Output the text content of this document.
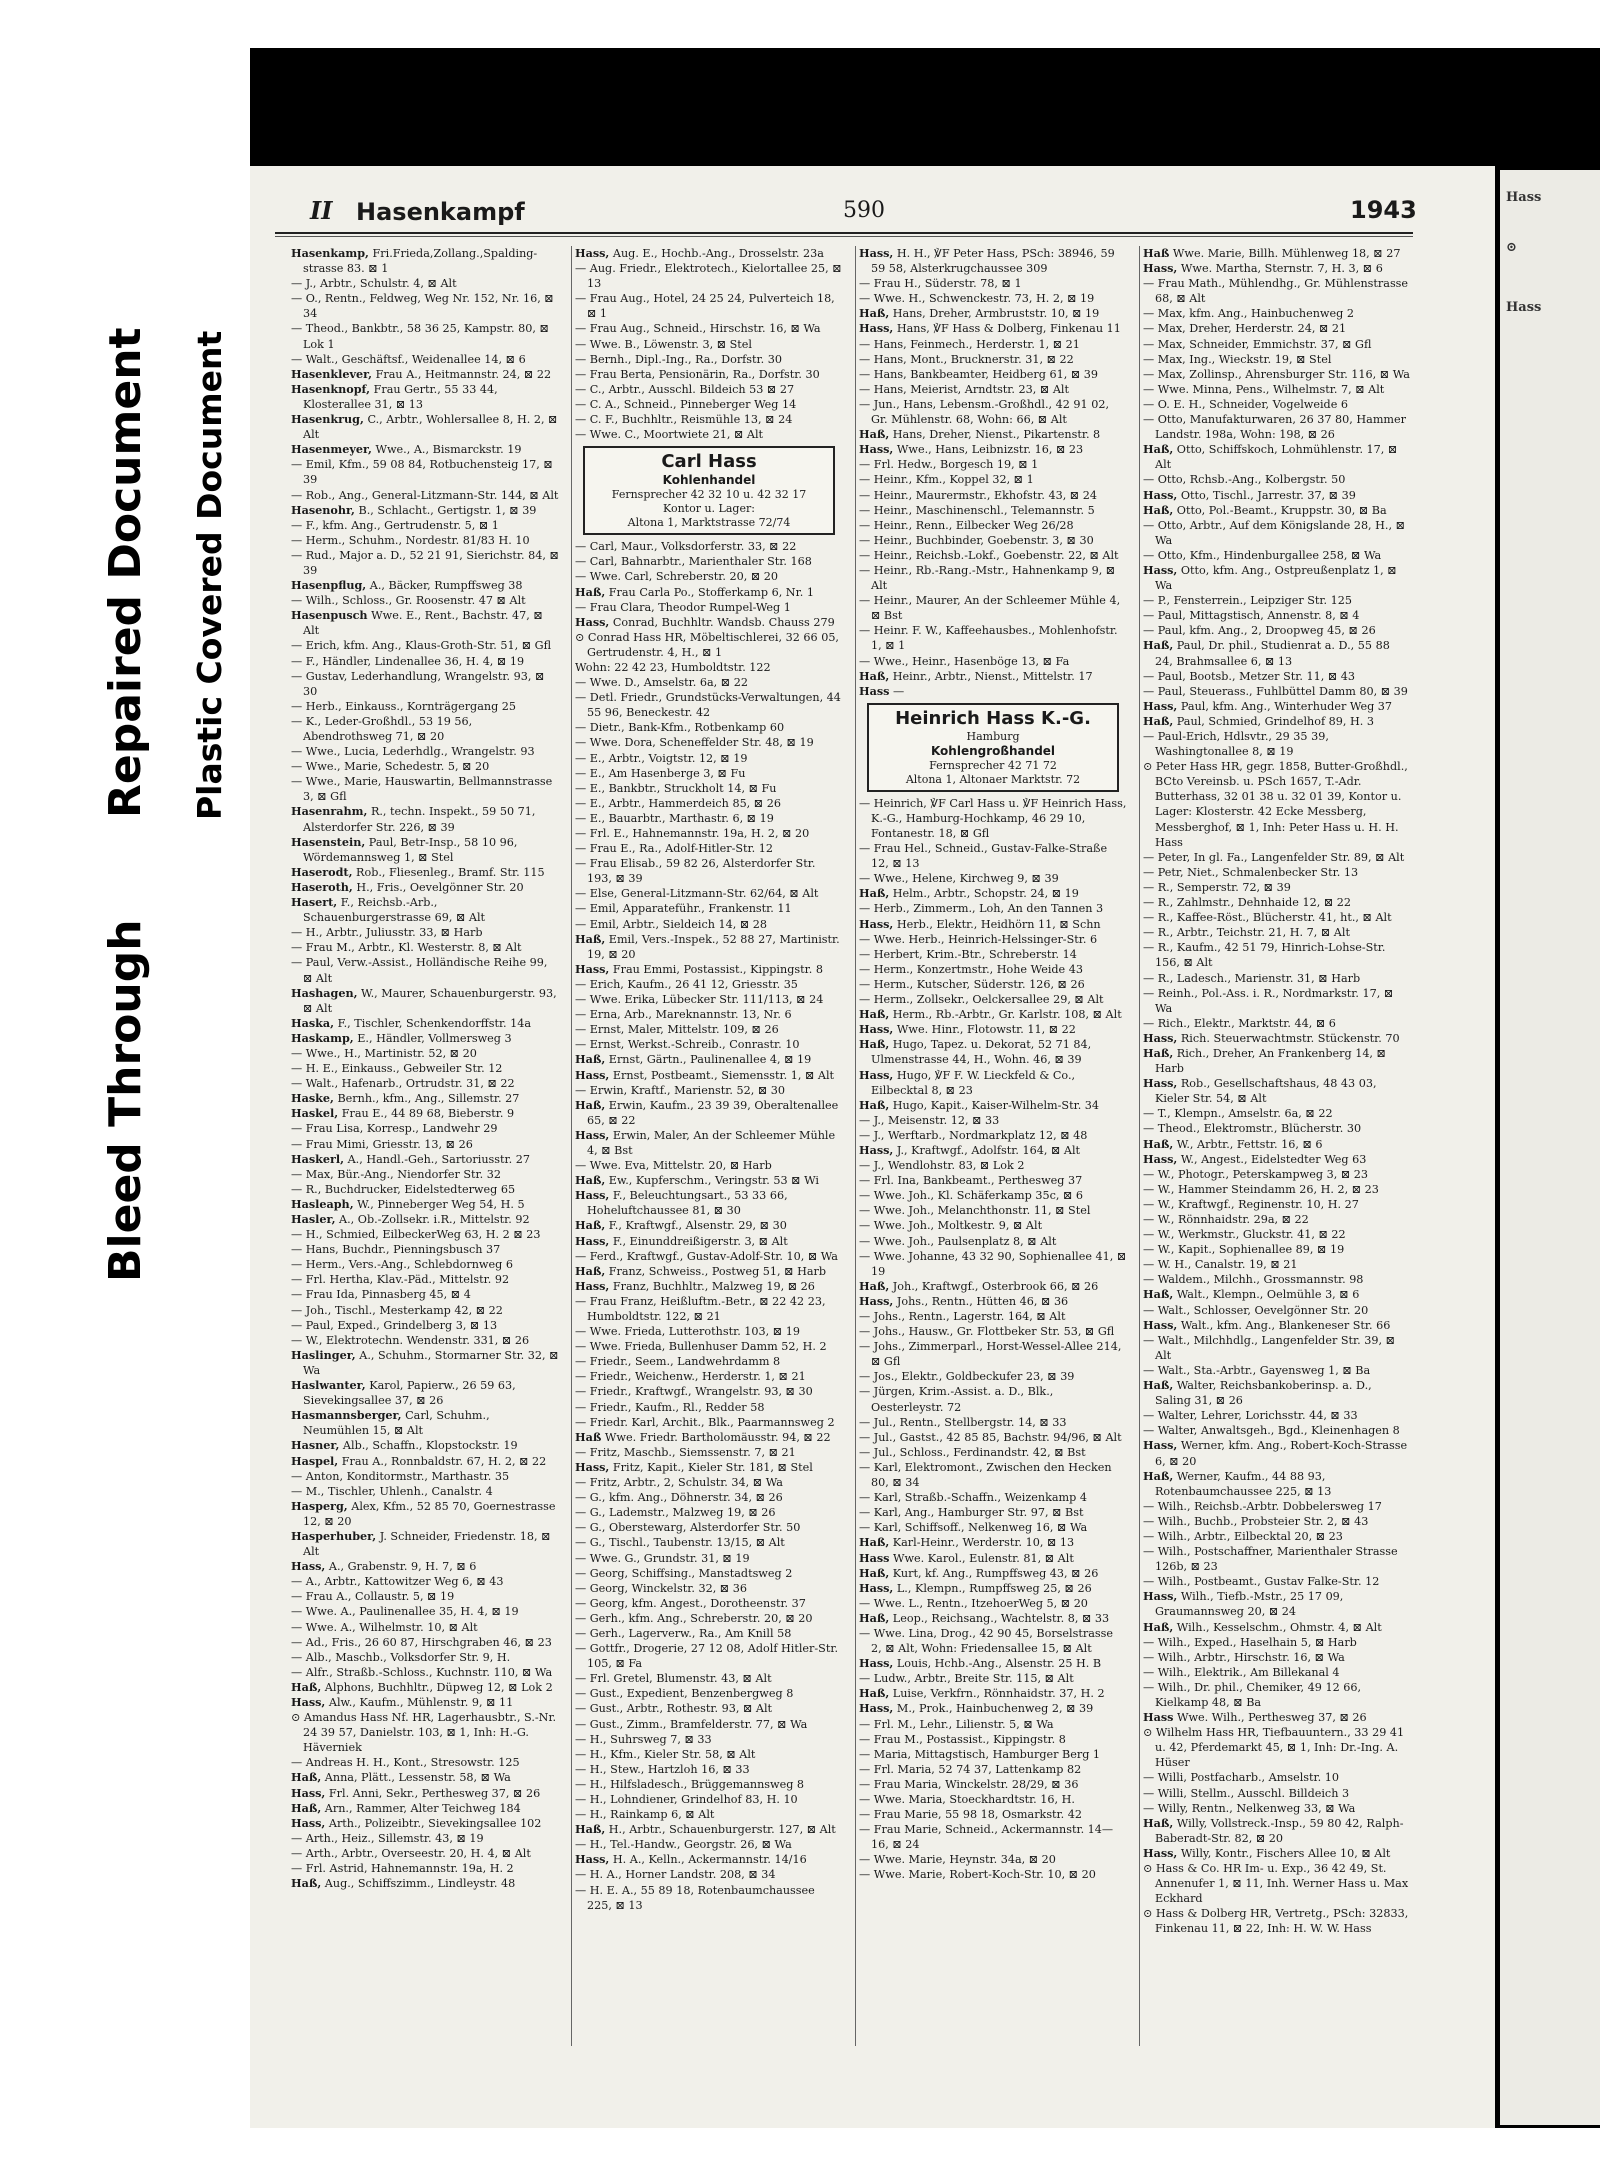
Hass
⊙
Hass
Bleed Through
Repaired Document Plastic Covered Document
II Hasenkampf	590	1943

Hasenkamp, Fri.Frieda,Zollang.,Spalding-strasse 83. ⊠ 1

— J., Arbtr., Schulstr. 4, ⊠ Alt

— O., Rentn., Feldweg, Weg Nr. 152, Nr. 16, ⊠ 34

— Theod., Bankbtr., 58 36 25, Kampstr. 80, ⊠ Lok 1

— Walt., Geschäftsf., Weidenallee 14, ⊠ 6

Hasenklever, Frau A., Heitmannstr. 24, ⊠ 22

Hasenknopf, Frau Gertr., 55 33 44, Klosterallee 31, ⊠ 13

Hasenkrug, C., Arbtr., Wohlersallee 8, H. 2, ⊠ Alt

Hasenmeyer, Wwe., A., Bismarckstr. 19

— Emil, Kfm., 59 08 84, Rotbuchensteig 17, ⊠ 39

— Rob., Ang., General-Litzmann-Str. 144, ⊠ Alt

Hasenohr, B., Schlacht., Gertigstr. 1, ⊠ 39

— F., kfm. Ang., Gertrudenstr. 5, ⊠ 1

— Herm., Schuhm., Nordestr. 81/83 H. 10

— Rud., Major a. D., 52 21 91, Sierichstr. 84, ⊠ 39

Hasenpflug, A., Bäcker, Rumpffsweg 38

— Wilh., Schloss., Gr. Roosenstr. 47 ⊠ Alt

Hasenpusch Wwe. E., Rent., Bachstr. 47, ⊠ Alt

— Erich, kfm. Ang., Klaus-Groth-Str. 51, ⊠ Gfl

— F., Händler, Lindenallee 36, H. 4, ⊠ 19

— Gustav, Lederhandlung, Wrangelstr. 93, ⊠ 30

— Herb., Einkauss., Kornträgergang 25

— K., Leder-Großhdl., 53 19 56, Abendrothsweg 71, ⊠ 20

— Wwe., Lucia, Lederhdlg., Wrangelstr. 93

— Wwe., Marie, Schedestr. 5, ⊠ 20

— Wwe., Marie, Hauswartin, Bellmannstrasse 3, ⊠ Gfl

Hasenrahm, R., techn. Inspekt., 59 50 71, Alsterdorfer Str. 226, ⊠ 39

Hasenstein, Paul, Betr-Insp., 58 10 96, Wördemannsweg 1, ⊠ Stel

Haserodt, Rob., Fliesenleg., Bramf. Str. 115

Haseroth, H., Fris., Oevelgönner Str. 20

Hasert, F., Reichsb.-Arb., Schauenburgerstrasse 69, ⊠ Alt

— H., Arbtr., Juliusstr. 33, ⊠ Harb

— Frau M., Arbtr., Kl. Westerstr. 8, ⊠ Alt

— Paul, Verw.-Assist., Holländische Reihe 99, ⊠ Alt

Hashagen, W., Maurer, Schauenburgerstr. 93, ⊠ Alt

Haska, F., Tischler, Schenkendorffstr. 14a

Haskamp, E., Händler, Vollmersweg 3

— Wwe., H., Martinistr. 52, ⊠ 20

— H. E., Einkauss., Gebweiler Str. 12

— Walt., Hafenarb., Ortrudstr. 31, ⊠ 22

Haske, Bernh., kfm., Ang., Sillemstr. 27

Haskel, Frau E., 44 89 68, Bieberstr. 9

— Frau Lisa, Korresp., Landwehr 29

— Frau Mimi, Griesstr. 13, ⊠ 26

Haskerl, A., Handl.-Geh., Sartoriusstr. 27

— Max, Bür.-Ang., Niendorfer Str. 32

— R., Buchdrucker, Eidelstedterweg 65

Hasleaph, W., Pinneberger Weg 54, H. 5

Hasler, A., Ob.-Zollsekr. i.R., Mittelstr. 92

— H., Schmied, EilbeckerWeg 63, H. 2 ⊠ 23

— Hans, Buchdr., Pienningsbusch 37

— Herm., Vers.-Ang., Schlebdornweg 6

— Frl. Hertha, Klav.-Päd., Mittelstr. 92

— Frau Ida, Pinnasberg 45, ⊠ 4

— Joh., Tischl., Mesterkamp 42, ⊠ 22

— Paul, Exped., Grindelberg 3, ⊠ 13

— W., Elektrotechn. Wendenstr. 331, ⊠ 26

Haslinger, A., Schuhm., Stormarner Str. 32, ⊠ Wa

Haslwanter, Karol, Papierw., 26 59 63, Sievekingsallee 37, ⊠ 26

Hasmannsberger, Carl, Schuhm., Neumühlen 15, ⊠ Alt

Hasner, Alb., Schaffn., Klopstockstr. 19

Haspel, Frau A., Ronnbaldstr. 67, H. 2, ⊠ 22

— Anton, Konditormstr., Marthastr. 35

— M., Tischler, Uhlenh., Canalstr. 4

Hasperg, Alex, Kfm., 52 85 70, Goernestrasse 12, ⊠ 20

Hasperhuber, J. Schneider, Friedenstr. 18, ⊠ Alt

Hass, A., Grabenstr. 9, H. 7, ⊠ 6

— A., Arbtr., Kattowitzer Weg 6, ⊠ 43

— Frau A., Collaustr. 5, ⊠ 19

— Wwe. A., Paulinenallee 35, H. 4, ⊠ 19

— Wwe. A., Wilhelmstr. 10, ⊠ Alt

— Ad., Fris., 26 60 87, Hirschgraben 46, ⊠ 23

— Alb., Maschb., Volksdorfer Str. 9, H.

— Alfr., Straßb.-Schloss., Kuchnstr. 110, ⊠ Wa

Haß, Alphons, Buchhltr., Düpweg 12, ⊠ Lok 2

Hass, Alw., Kaufm., Mühlenstr. 9, ⊠ 11

⊙ Amandus Hass Nf. HR, Lagerhausbtr., S.-Nr. 24 39 57, Danielstr. 103, ⊠ 1, Inh: H.-G. Häverniek

— Andreas H. H., Kont., Stresowstr. 125

Haß, Anna, Plätt., Lessenstr. 58, ⊠ Wa

Hass, Frl. Anni, Sekr., Perthesweg 37, ⊠ 26

Haß, Arn., Rammer, Alter Teichweg 184

Hass, Arth., Polizeibtr., Sievekingsallee 102

— Arth., Heiz., Sillemstr. 43, ⊠ 19

— Arth., Arbtr., Overseestr. 20, H. 4, ⊠ Alt

— Frl. Astrid, Hahnemannstr. 19a, H. 2

Haß, Aug., Schiffszimm., Lindleystr. 48

Hass, Aug. E., Hochb.-Ang., Drosselstr. 23a

— Aug. Friedr., Elektrotech., Kielortallee 25, ⊠ 13

— Frau Aug., Hotel, 24 25 24, Pulverteich 18, ⊠ 1

— Frau Aug., Schneid., Hirschstr. 16, ⊠ Wa

— Wwe. B., Löwenstr. 3, ⊠ Stel

— Bernh., Dipl.-Ing., Ra., Dorfstr. 30

— Frau Berta, Pensionärin, Ra., Dorfstr. 30

— C., Arbtr., Ausschl. Bildeich 53 ⊠ 27

— C. A., Schneid., Pinneberger Weg 14

— C. F., Buchhltr., Reismühle 13, ⊠ 24

— Wwe. C., Moortwiete 21, ⊠ Alt

Carl Hass
Kohlenhandel
Fernsprecher 42 32 10 u. 42 32 17
Kontor u. Lager:
Altona 1, Marktstrasse 72/74

— Carl, Maur., Volksdorferstr. 33, ⊠ 22

— Carl, Bahnarbtr., Marienthaler Str. 168

— Wwe. Carl, Schreberstr. 20, ⊠ 20

Haß, Frau Carla Po., Stofferkamp 6, Nr. 1

— Frau Clara, Theodor Rumpel-Weg 1

Hass, Conrad, Buchhltr. Wandsb. Chauss 279

⊙ Conrad Hass HR, Möbeltischlerei, 32 66 05, Gertrudenstr. 4, H., ⊠ 1

Wohn: 22 42 23, Humboldtstr. 122

— Wwe. D., Amselstr. 6a, ⊠ 22

— Detl. Friedr., Grundstücks-Verwaltungen, 44 55 96, Beneckestr. 42

— Dietr., Bank-Kfm., Rotbenkamp 60

— Wwe. Dora, Scheneffelder Str. 48, ⊠ 19

— E., Arbtr., Voigtstr. 12, ⊠ 19

— E., Am Hasenberge 3, ⊠ Fu

— E., Bankbtr., Struckholt 14, ⊠ Fu

— E., Arbtr., Hammerdeich 85, ⊠ 26

— E., Bauarbtr., Marthastr. 6, ⊠ 19

— Frl. E., Hahnemannstr. 19a, H. 2, ⊠ 20

— Frau E., Ra., Adolf-Hitler-Str. 12

— Frau Elisab., 59 82 26, Alsterdorfer Str. 193, ⊠ 39

— Else, General-Litzmann-Str. 62/64, ⊠ Alt

— Emil, Apparateführ., Frankenstr. 11

— Emil, Arbtr., Sieldeich 14, ⊠ 28

Haß, Emil, Vers.-Inspek., 52 88 27, Martinistr. 19, ⊠ 20

Hass, Frau Emmi, Postassist., Kippingstr. 8

— Erich, Kaufm., 26 41 12, Griesstr. 35

— Wwe. Erika, Lübecker Str. 111/113, ⊠ 24

— Erna, Arb., Mareknannstr. 13, Nr. 6

— Ernst, Maler, Mittelstr. 109, ⊠ 26

— Ernst, Werkst.-Schreib., Conrastr. 10

Haß, Ernst, Gärtn., Paulinenallee 4, ⊠ 19

Hass, Ernst, Postbeamt., Siemensstr. 1, ⊠ Alt

— Erwin, Kraftf., Marienstr. 52, ⊠ 30

Haß, Erwin, Kaufm., 23 39 39, Oberaltenallee 65, ⊠ 22

Hass, Erwin, Maler, An der Schleemer Mühle 4, ⊠ Bst

— Wwe. Eva, Mittelstr. 20, ⊠ Harb

Haß, Ew., Kupferschm., Veringstr. 53 ⊠ Wi

Hass, F., Beleuchtungsart., 53 33 66, Hoheluftchaussee 81, ⊠ 30

Haß, F., Kraftwgf., Alsenstr. 29, ⊠ 30

Hass, F., Einunddreißigerstr. 3, ⊠ Alt

— Ferd., Kraftwgf., Gustav-Adolf-Str. 10, ⊠ Wa

Haß, Franz, Schweiss., Postweg 51, ⊠ Harb

Hass, Franz, Buchhltr., Malzweg 19, ⊠ 26

— Frau Franz, Heißluftm.-Betr., ⊠ 22 42 23, Humboldtstr. 122, ⊠ 21

— Wwe. Frieda, Lutterothstr. 103, ⊠ 19

— Wwe. Frieda, Bullenhuser Damm 52, H. 2

— Friedr., Seem., Landwehrdamm 8

— Friedr., Weichenw., Herderstr. 1, ⊠ 21

— Friedr., Kraftwgf., Wrangelstr. 93, ⊠ 30

— Friedr., Kaufm., Rl., Redder 58

— Friedr. Karl, Archit., Blk., Paarmannsweg 2

Haß Wwe. Friedr. Bartholomäusstr. 94, ⊠ 22

— Fritz, Maschb., Siemssenstr. 7, ⊠ 21

Hass, Fritz, Kapit., Kieler Str. 181, ⊠ Stel

— Fritz, Arbtr., 2, Schulstr. 34, ⊠ Wa

— G., kfm. Ang., Döhnerstr. 34, ⊠ 26

— G., Lademstr., Malzweg 19, ⊠ 26

— G., Oberstewarg, Alsterdorfer Str. 50

— G., Tischl., Taubenstr. 13/15, ⊠ Alt

— Wwe. G., Grundstr. 31, ⊠ 19

— Georg, Schiffsing., Manstadtsweg 2

— Georg, Winckelstr. 32, ⊠ 36

— Georg, kfm. Angest., Dorotheenstr. 37

— Gerh., kfm. Ang., Schreberstr. 20, ⊠ 20

— Gerh., Lagerverw., Ra., Am Knill 58

— Gottfr., Drogerie, 27 12 08, Adolf Hitler-Str. 105, ⊠ Fa

— Frl. Gretel, Blumenstr. 43, ⊠ Alt

— Gust., Expedient, Benzenbergweg 8

— Gust., Arbtr., Rothestr. 93, ⊠ Alt

— Gust., Zimm., Bramfelderstr. 77, ⊠ Wa

— H., Suhrsweg 7, ⊠ 33

— H., Kfm., Kieler Str. 58, ⊠ Alt

— H., Stew., Hartzloh 16, ⊠ 33

— H., Hilfsladesch., Brüggemannsweg 8

— H., Lohndiener, Grindelhof 83, H. 10

— H., Rainkamp 6, ⊠ Alt

Haß, H., Arbtr., Schauenburgerstr. 127, ⊠ Alt

— H., Tel.-Handw., Georgstr. 26, ⊠ Wa

Hass, H. A., Kelln., Ackermannstr. 14/16

— H. A., Horner Landstr. 208, ⊠ 34

— H. E. A., 55 89 18, Rotenbaumchaussee 225, ⊠ 13

Hass, H. H., ℣F Peter Hass, PSch: 38946, 59 59 58, Alsterkrugchaussee 309

— Frau H., Süderstr. 78, ⊠ 1

— Wwe. H., Schwenckestr. 73, H. 2, ⊠ 19

Haß, Hans, Dreher, Armbruststr. 10, ⊠ 19

Hass, Hans, ℣F Hass & Dolberg, Finkenau 11

— Hans, Feinmech., Herderstr. 1, ⊠ 21

— Hans, Mont., Brucknerstr. 31, ⊠ 22

— Hans, Bankbeamter, Heidberg 61, ⊠ 39

— Hans, Meierist, Arndtstr. 23, ⊠ Alt

— Jun., Hans, Lebensm.-Großhdl., 42 91 02, Gr. Mühlenstr. 68, Wohn: 66, ⊠ Alt

Haß, Hans, Dreher, Nienst., Pikartenstr. 8

Hass, Wwe., Hans, Leibnizstr. 16, ⊠ 23

— Frl. Hedw., Borgesch 19, ⊠ 1

— Heinr., Kfm., Koppel 32, ⊠ 1

— Heinr., Maurermstr., Ekhofstr. 43, ⊠ 24

— Heinr., Maschinenschl., Telemannstr. 5

— Heinr., Renn., Eilbecker Weg 26/28

— Heinr., Buchbinder, Goebenstr. 3, ⊠ 30

— Heinr., Reichsb.-Lokf., Goebenstr. 22, ⊠ Alt

— Heinr., Rb.-Rang.-Mstr., Hahnenkamp 9, ⊠ Alt

— Heinr., Maurer, An der Schleemer Mühle 4, ⊠ Bst

— Heinr. F. W., Kaffeehausbes., Mohlenhofstr. 1, ⊠ 1

— Wwe., Heinr., Hasenböge 13, ⊠ Fa

Haß, Heinr., Arbtr., Nienst., Mittelstr. 17

Hass —

Heinrich Hass K.-G.
Hamburg
Kohlengroßhandel
Fernsprecher 42 71 72
Altona 1, Altonaer Marktstr. 72

— Heinrich, ℣F Carl Hass u. ℣F Heinrich Hass, K.-G., Hamburg-Hochkamp, 46 29 10, Fontanestr. 18, ⊠ Gfl

— Frau Hel., Schneid., Gustav-Falke-Straße 12, ⊠ 13

— Wwe., Helene, Kirchweg 9, ⊠ 39

Haß, Helm., Arbtr., Schopstr. 24, ⊠ 19

— Herb., Zimmerm., Loh, An den Tannen 3

Hass, Herb., Elektr., Heidhörn 11, ⊠ Schn

— Wwe. Herb., Heinrich-Helssinger-Str. 6

— Herbert, Krim.-Btr., Schreberstr. 14

— Herm., Konzertmstr., Hohe Weide 43

— Herm., Kutscher, Süderstr. 126, ⊠ 26

— Herm., Zollsekr., Oelckersallee 29, ⊠ Alt

Haß, Herm., Rb.-Arbtr., Gr. Karlstr. 108, ⊠ Alt

Hass, Wwe. Hinr., Flotowstr. 11, ⊠ 22

Haß, Hugo, Tapez. u. Dekorat, 52 71 84, Ulmenstrasse 44, H., Wohn. 46, ⊠ 39

Hass, Hugo, ℣F F. W. Lieckfeld & Co., Eilbecktal 8, ⊠ 23

Haß, Hugo, Kapit., Kaiser-Wilhelm-Str. 34

— J., Meisenstr. 12, ⊠ 33

— J., Werftarb., Nordmarkplatz 12, ⊠ 48

Hass, J., Kraftwgf., Adolfstr. 164, ⊠ Alt

— J., Wendlohstr. 83, ⊠ Lok 2

— Frl. Ina, Bankbeamt., Perthesweg 37

— Wwe. Joh., Kl. Schäferkamp 35c, ⊠ 6

— Wwe. Joh., Melanchthonstr. 11, ⊠ Stel

— Wwe. Joh., Moltkestr. 9, ⊠ Alt

— Wwe. Joh., Paulsenplatz 8, ⊠ Alt

— Wwe. Johanne, 43 32 90, Sophienallee 41, ⊠ 19

Haß, Joh., Kraftwgf., Osterbrook 66, ⊠ 26

Hass, Johs., Rentn., Hütten 46, ⊠ 36

— Johs., Rentn., Lagerstr. 164, ⊠ Alt

— Johs., Hausw., Gr. Flottbeker Str. 53, ⊠ Gfl

— Johs., Zimmerparl., Horst-Wessel-Allee 214, ⊠ Gfl

— Jos., Elektr., Goldbeckufer 23, ⊠ 39

— Jürgen, Krim.-Assist. a. D., Blk., Oesterleystr. 72

— Jul., Rentn., Stellbergstr. 14, ⊠ 33

— Jul., Gastst., 42 85 85, Bachstr. 94/96, ⊠ Alt

— Jul., Schloss., Ferdinandstr. 42, ⊠ Bst

— Karl, Elektromont., Zwischen den Hecken 80, ⊠ 34

— Karl, Straßb.-Schaffn., Weizenkamp 4

— Karl, Ang., Hamburger Str. 97, ⊠ Bst

— Karl, Schiffsoff., Nelkenweg 16, ⊠ Wa

Haß, Karl-Heinr., Werderstr. 10, ⊠ 13

Hass Wwe. Karol., Eulenstr. 81, ⊠ Alt

Haß, Kurt, kf. Ang., Rumpffsweg 43, ⊠ 26

Hass, L., Klempn., Rumpffsweg 25, ⊠ 26

— Wwe. L., Rentn., ItzehoerWeg 5, ⊠ 20

Haß, Leop., Reichsang., Wachtelstr. 8, ⊠ 33

— Wwe. Lina, Drog., 42 90 45, Borselstrasse 2, ⊠ Alt, Wohn: Friedensallee 15, ⊠ Alt

Hass, Louis, Hchb.-Ang., Alsenstr. 25 H. B

— Ludw., Arbtr., Breite Str. 115, ⊠ Alt

Haß, Luise, Verkfrn., Rönnhaidstr. 37, H. 2

Hass, M., Prok., Hainbuchenweg 2, ⊠ 39

— Frl. M., Lehr., Lilienstr. 5, ⊠ Wa

— Frau M., Postassist., Kippingstr. 8

— Maria, Mittagstisch, Hamburger Berg 1

— Frl. Maria, 52 74 37, Lattenkamp 82

— Frau Maria, Winckelstr. 28/29, ⊠ 36

— Wwe. Maria, Stoeckhardtstr. 16, H.

— Frau Marie, 55 98 18, Osmarkstr. 42

— Frau Marie, Schneid., Ackermannstr. 14—16, ⊠ 24

— Wwe. Marie, Heynstr. 34a, ⊠ 20

— Wwe. Marie, Robert-Koch-Str. 10, ⊠ 20

Haß Wwe. Marie, Billh. Mühlenweg 18, ⊠ 27

Hass, Wwe. Martha, Sternstr. 7, H. 3, ⊠ 6

— Frau Math., Mühlendhg., Gr. Mühlenstrasse 68, ⊠ Alt

— Max, kfm. Ang., Hainbuchenweg 2

— Max, Dreher, Herderstr. 24, ⊠ 21

— Max, Schneider, Emmichstr. 37, ⊠ Gfl

— Max, Ing., Wieckstr. 19, ⊠ Stel

— Max, Zollinsp., Ahrensburger Str. 116, ⊠ Wa

— Wwe. Minna, Pens., Wilhelmstr. 7, ⊠ Alt

— O. E. H., Schneider, Vogelweide 6

— Otto, Manufakturwaren, 26 37 80, Hammer Landstr. 198a, Wohn: 198, ⊠ 26

Haß, Otto, Schiffskoch, Lohmühlenstr. 17, ⊠ Alt

— Otto, Rchsb.-Ang., Kolbergstr. 50

Hass, Otto, Tischl., Jarrestr. 37, ⊠ 39

Haß, Otto, Pol.-Beamt., Kruppstr. 30, ⊠ Ba

— Otto, Arbtr., Auf dem Königslande 28, H., ⊠ Wa

— Otto, Kfm., Hindenburgallee 258, ⊠ Wa

Hass, Otto, kfm. Ang., Ostpreußenplatz 1, ⊠ Wa

— P., Fensterrein., Leipziger Str. 125

— Paul, Mittagstisch, Annenstr. 8, ⊠ 4

— Paul, kfm. Ang., 2, Droopweg 45, ⊠ 26

Haß, Paul, Dr. phil., Studienrat a. D., 55 88 24, Brahmsallee 6, ⊠ 13

— Paul, Bootsb., Metzer Str. 11, ⊠ 43

— Paul, Steuerass., Fuhlbüttel Damm 80, ⊠ 39

Hass, Paul, kfm. Ang., Winterhuder Weg 37

Haß, Paul, Schmied, Grindelhof 89, H. 3

— Paul-Erich, Hdlsvtr., 29 35 39, Washingtonallee 8, ⊠ 19

⊙ Peter Hass HR, gegr. 1858, Butter-Großhdl., BCto Vereinsb. u. PSch 1657, T.-Adr. Butterhass, 32 01 38 u. 32 01 39, Kontor u. Lager: Klosterstr. 42 Ecke Messberg, Messberghof, ⊠ 1, Inh: Peter Hass u. H. H. Hass

— Peter, In gl. Fa., Langenfelder Str. 89, ⊠ Alt

— Petr, Niet., Schmalenbecker Str. 13

— R., Semperstr. 72, ⊠ 39

— R., Zahlmstr., Dehnhaide 12, ⊠ 22

— R., Kaffee-Röst., Blücherstr. 41, ht., ⊠ Alt

— R., Arbtr., Teichstr. 21, H. 7, ⊠ Alt

— R., Kaufm., 42 51 79, Hinrich-Lohse-Str. 156, ⊠ Alt

— R., Ladesch., Marienstr. 31, ⊠ Harb

— Reinh., Pol.-Ass. i. R., Nordmarkstr. 17, ⊠ Wa

— Rich., Elektr., Marktstr. 44, ⊠ 6

Hass, Rich. Steuerwachtmstr. Stückenstr. 70

Haß, Rich., Dreher, An Frankenberg 14, ⊠ Harb

Hass, Rob., Gesellschaftshaus, 48 43 03, Kieler Str. 54, ⊠ Alt

— T., Klempn., Amselstr. 6a, ⊠ 22

— Theod., Elektromstr., Blücherstr. 30

Haß, W., Arbtr., Fettstr. 16, ⊠ 6

Hass, W., Angest., Eidelstedter Weg 63

— W., Photogr., Peterskampweg 3, ⊠ 23

— W., Hammer Steindamm 26, H. 2, ⊠ 23

— W., Kraftwgf., Reginenstr. 10, H. 27

— W., Rönnhaidstr. 29a, ⊠ 22

— W., Werkmstr., Gluckstr. 41, ⊠ 22

— W., Kapit., Sophienallee 89, ⊠ 19

— W. H., Canalstr. 19, ⊠ 21

— Waldem., Milchh., Grossmannstr. 98

Haß, Walt., Klempn., Oelmühle 3, ⊠ 6

— Walt., Schlosser, Oevelgönner Str. 20

Hass, Walt., kfm. Ang., Blankeneser Str. 66

— Walt., Milchhdlg., Langenfelder Str. 39, ⊠ Alt

— Walt., Sta.-Arbtr., Gayensweg 1, ⊠ Ba

Haß, Walter, Reichsbankoberinsp. a. D., Saling 31, ⊠ 26

— Walter, Lehrer, Lorichsstr. 44, ⊠ 33

— Walter, Anwaltsgeh., Bgd., Kleinenhagen 8

Hass, Werner, kfm. Ang., Robert-Koch-Strasse 6, ⊠ 20

Haß, Werner, Kaufm., 44 88 93, Rotenbaumchaussee 225, ⊠ 13

— Wilh., Reichsb.-Arbtr. Dobbelersweg 17

— Wilh., Buchb., Probsteier Str. 2, ⊠ 43

— Wilh., Arbtr., Eilbecktal 20, ⊠ 23

— Wilh., Postschaffner, Marienthaler Strasse 126b, ⊠ 23

— Wilh., Postbeamt., Gustav Falke-Str. 12

Hass, Wilh., Tiefb.-Mstr., 25 17 09, Graumannsweg 20, ⊠ 24

Haß, Wilh., Kesselschm., Ohmstr. 4, ⊠ Alt

— Wilh., Exped., Haselhain 5, ⊠ Harb

— Wilh., Arbtr., Hirschstr. 16, ⊠ Wa

— Wilh., Elektrik., Am Billekanal 4

— Wilh., Dr. phil., Chemiker, 49 12 66, Kielkamp 48, ⊠ Ba

Hass Wwe. Wilh., Perthesweg 37, ⊠ 26

⊙ Wilhelm Hass HR, Tiefbauuntern., 33 29 41 u. 42, Pferdemarkt 45, ⊠ 1, Inh: Dr.-Ing. A. Hüser

— Willi, Postfacharb., Amselstr. 10

— Willi, Stellm., Ausschl. Billdeich 3

— Willy, Rentn., Nelkenweg 33, ⊠ Wa

Haß, Willy, Vollstreck.-Insp., 59 80 42, Ralph-Baberadt-Str. 82, ⊠ 20

Hass, Willy, Kontr., Fischers Allee 10, ⊠ Alt

⊙ Hass & Co. HR Im- u. Exp., 36 42 49, St. Annenufer 1, ⊠ 11, Inh. Werner Hass u. Max Eckhard

⊙ Hass & Dolberg HR, Vertretg., PSch: 32833, Finkenau 11, ⊠ 22, Inh: H. W. W. Hass
